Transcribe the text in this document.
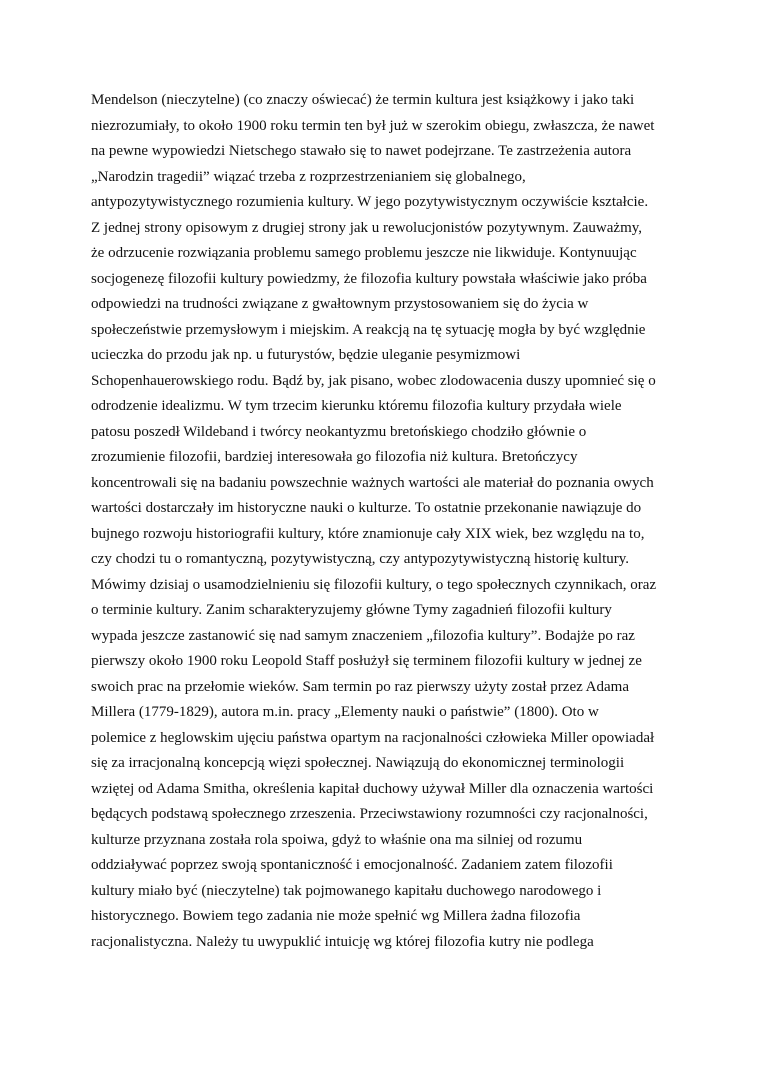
Mendelson (nieczytelne) (co znaczy oświecać) że termin kultura jest książkowy i jako taki
niezrozumiały, to około 1900 roku termin ten był już w szerokim obiegu, zwłaszcza, że nawet
na pewne wypowiedzi Nietschego stawało się to nawet podejrzane. Te zastrzeżenia autora
„Narodzin tragedii” wiązać trzeba z rozprzestrzenianiem się globalnego,
antypozytywistycznego rozumienia kultury. W jego pozytywistycznym oczywiście kształcie.
Z jednej strony opisowym z drugiej strony jak u rewolucjonistów pozytywnym. Zauważmy,
że odrzucenie rozwiązania problemu samego problemu jeszcze nie likwiduje. Kontynuując
socjogenezę filozofii kultury powiedzmy, że filozofia kultury powstała właściwie jako próba
odpowiedzi na trudności związane z gwałtownym przystosowaniem się do życia w
społeczeństwie przemysłowym i miejskim. A reakcją na tę sytuację mogła by być względnie
ucieczka do przodu jak np. u futurystów, będzie uleganie pesymizmowi
Schopenhauerowskiego rodu. Bądź by, jak pisano, wobec zlodowacenia duszy upomnieć się o
odrodzenie idealizmu. W tym trzecim kierunku któremu filozofia kultury przydała wiele
patosu poszedł Wildeband i twórcy neokantyzmu bretońskiego chodziło głównie o
zrozumienie filozofii, bardziej interesowała go filozofia niż kultura. Bretończycy
koncentrowali się na badaniu powszechnie ważnych wartości ale materiał do poznania owych
wartości dostarczały im historyczne nauki o kulturze. To ostatnie przekonanie nawiązuje do
bujnego rozwoju historiografii kultury, które znamionuje cały XIX wiek, bez względu na to,
czy chodzi tu o romantyczną, pozytywistyczną, czy antypozytywistyczną historię kultury.
Mówimy dzisiaj o usamodzielnieniu się filozofii kultury, o tego społecznych czynnikach, oraz
o terminie kultury. Zanim scharakteryzujemy główne Tymy zagadnień filozofii kultury
wypada jeszcze zastanowić się nad samym znaczeniem „filozofia kultury”. Bodajże po raz
pierwszy około 1900 roku Leopold Staff posłużył się terminem filozofii kultury w jednej ze
swoich prac na przełomie wieków. Sam termin po raz pierwszy użyty został przez Adama
Millera (1779-1829), autora m.in. pracy „Elementy nauki o państwie” (1800). Oto w
polemice z heglowskim ujęciu państwa opartym na racjonalności człowieka Miller opowiadał
się za irracjonalną koncepcją więzi społecznej. Nawiązują do ekonomicznej terminologii
wziętej od Adama Smitha, określenia kapitał duchowy używał Miller dla oznaczenia wartości
będących podstawą społecznego zrzeszenia. Przeciwstawiony rozumności czy racjonalności,
kulturze przyznana została rola spoiwa, gdyż to właśnie ona ma silniej od rozumu
oddziaływać poprzez swoją spontaniczność i emocjonalność. Zadaniem zatem filozofii
kultury miało być (nieczytelne) tak pojmowanego kapitału duchowego narodowego i
historycznego. Bowiem tego zadania nie może spełnić wg Millera żadna filozofia
racjonalistyczna. Należy tu uwypuklić intuicję wg której filozofia kutry nie podlega
